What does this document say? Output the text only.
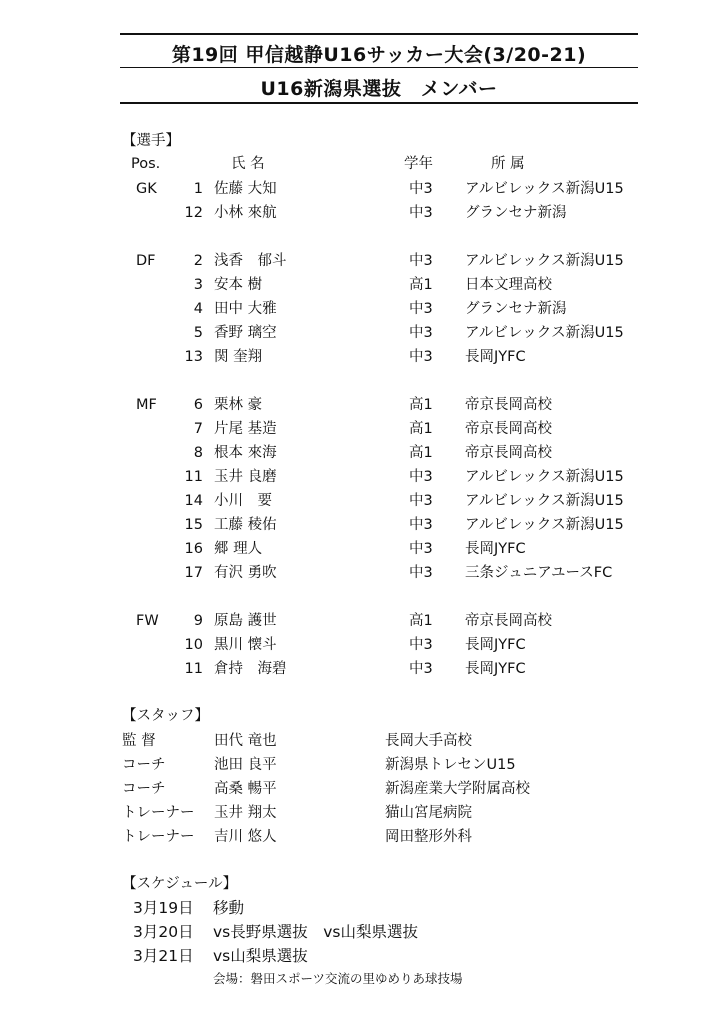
第19回 甲信越静U16サッカー大会(3/20-21)
U16新潟県選抜　メンバー
【選手】
Pos.	氏 名	学年	所 属
GK	1 佐藤 大知	中3 アルビレックス新潟U15
12 小林 來航	中3 グランセナ新潟
DF	2 浅香　郁斗	中3 アルビレックス新潟U15
3 安本 樹	高1 日本文理高校
4 田中 大雅	中3 グランセナ新潟
5 香野 璃空	中3 アルビレックス新潟U15
13 関 奎翔	中3 長岡JYFC
MF	6 栗林 豪	高1 帝京長岡高校
7 片尾 基造	高1 帝京長岡高校
8 根本 來海	高1 帝京長岡高校
11 玉井 良磨	中3 アルビレックス新潟U15
14 小川　要	中3 アルビレックス新潟U15
15 工藤 稜佑	中3 アルビレックス新潟U15
16 郷 理人	中3 長岡JYFC
17 有沢 勇吹	中3 三条ジュニアユースFC
FW	9 原島 護世	高1 帝京長岡高校
10 黒川 懐斗	中3 長岡JYFC
11 倉持　海碧	中3 長岡JYFC
【スタッフ】
監 督	田代 竜也	長岡大手高校
コーチ	池田 良平	新潟県トレセンU15
コーチ	高桑 暢平	新潟産業大学附属高校
トレーナー 玉井 翔太	猫山宮尾病院
トレーナー 吉川 悠人	岡田整形外科
【スケジュール】
3月19日 移動
3月20日 vs長野県選抜　vs山梨県選抜
3月21日 vs山梨県選抜
会場：磐田スポーツ交流の里ゆめりあ球技場
